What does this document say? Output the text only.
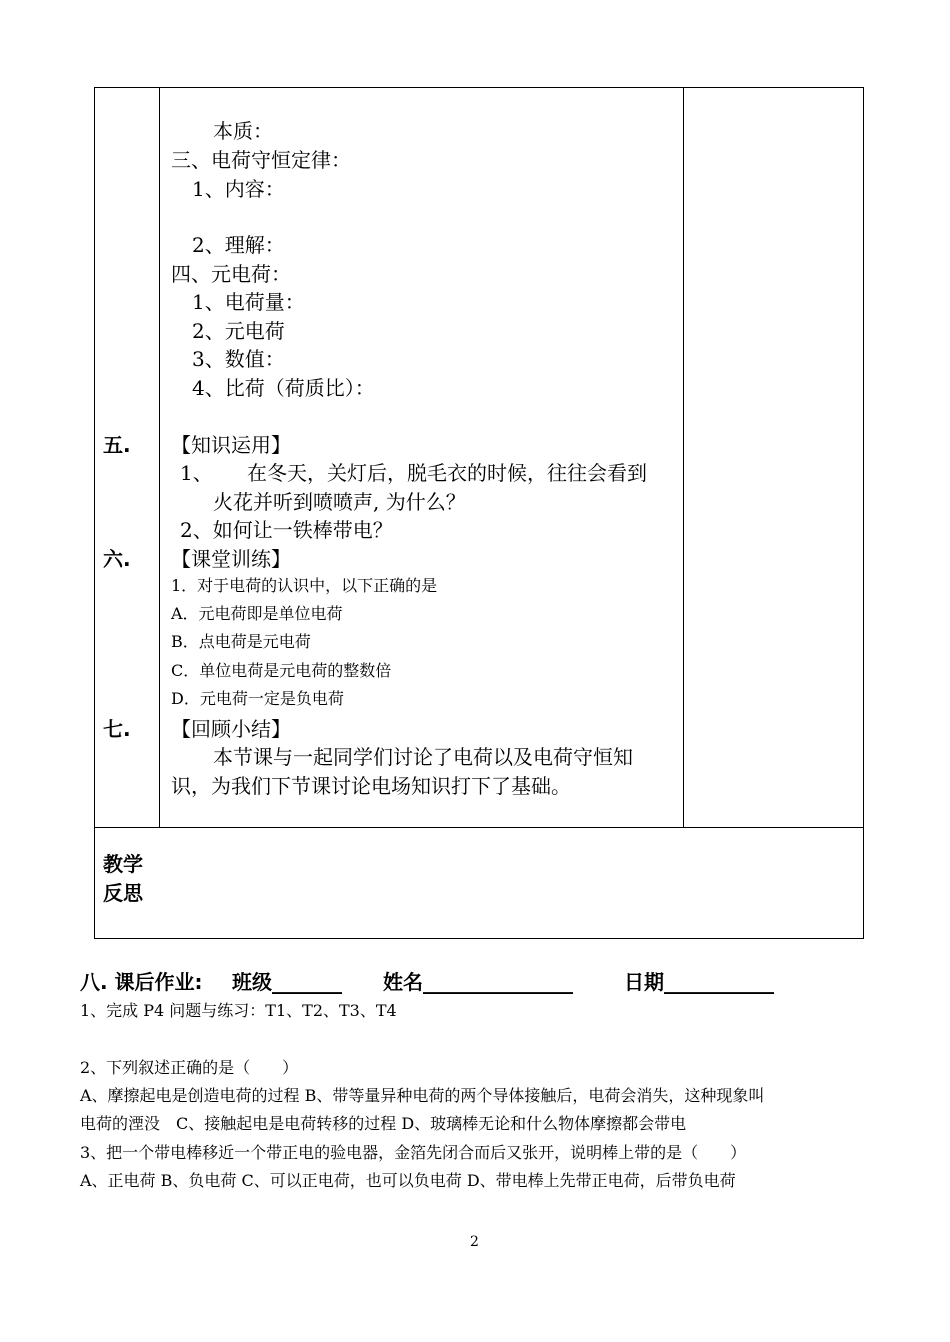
五.
六.
七.
本质：
三、电荷守恒定律：
1、内容：
2、理解：
四、元电荷：
1、电荷量：
2、元电荷
3、数值：
4、比荷（荷质比）：
【知识运用】
1、 在冬天，关灯后，脱毛衣的时候，往往会看到
火花并听到喷喷声, 为什么？
2、如何让一铁棒带电？
【课堂训练】
1．对于电荷的认识中，以下正确的是
A．元电荷即是单位电荷
B．点电荷是元电荷
C．单位电荷是元电荷的整数倍
D．元电荷一定是负电荷
【回顾小结】
本节课与一起同学们讨论了电荷以及电荷守恒知
识，为我们下节课讨论电场知识打下了基础。
教学
反思
八. 课后作业: 班级_______ 姓名_______________	日期___________
1、完成 P4 问题与练习：T1、T2、T3、T4
2、下列叙述正确的是（　　）
A、摩擦起电是创造电荷的过程 B、带等量异种电荷的两个导体接触后，电荷会消失，这种现象叫
电荷的湮没　C、接触起电是电荷转移的过程 D、玻璃棒无论和什么物体摩擦都会带电
3、把一个带电棒移近一个带正电的验电器，金箔先闭合而后又张开，说明棒上带的是（　　）
A、正电荷 B、负电荷 C、可以正电荷，也可以负电荷 D、带电棒上先带正电荷，后带负电荷
2
